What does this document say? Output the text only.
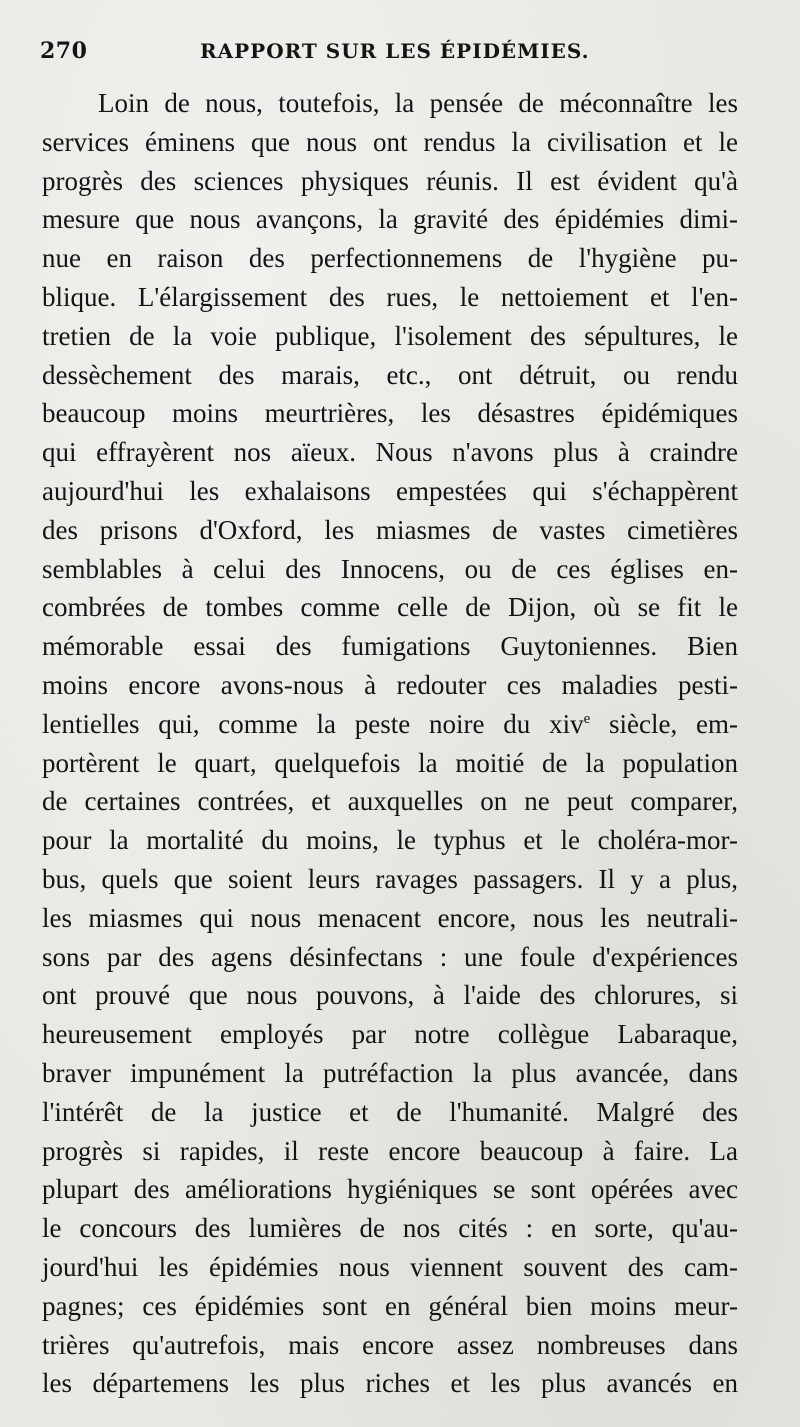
270	RAPPORT SUR LES ÉPIDÉMIES.
Loin de nous, toutefois, la pensée de méconnaître les
services éminens que nous ont rendus la civilisation et le
progrès des sciences physiques réunis. Il est évident qu'à
mesure que nous avançons, la gravité des épidémies dimi-
nue en raison des perfectionnemens de l'hygiène pu-
blique. L'élargissement des rues, le nettoiement et l'en-
tretien de la voie publique, l'isolement des sépultures, le
dessèchement des marais, etc., ont détruit, ou rendu
beaucoup moins meurtrières, les désastres épidémiques
qui effrayèrent nos aïeux. Nous n'avons plus à craindre
aujourd'hui les exhalaisons empestées qui s'échappèrent
des prisons d'Oxford, les miasmes de vastes cimetières
semblables à celui des Innocens, ou de ces églises en-
combrées de tombes comme celle de Dijon, où se fit le
mémorable essai des fumigations Guytoniennes. Bien
moins encore avons-nous à redouter ces maladies pesti-
lentielles qui, comme la peste noire du xiv$^e$ siècle, em-
portèrent le quart, quelquefois la moitié de la population
de certaines contrées, et auxquelles on ne peut comparer,
pour la mortalité du moins, le typhus et le choléra-mor-
bus, quels que soient leurs ravages passagers. Il y a plus,
les miasmes qui nous menacent encore, nous les neutrali-
sons par des agens désinfectans : une foule d'expériences
ont prouvé que nous pouvons, à l'aide des chlorures, si
heureusement employés par notre collègue Labaraque,
braver impunément la putréfaction la plus avancée, dans
l'intérêt de la justice et de l'humanité. Malgré des
progrès si rapides, il reste encore beaucoup à faire. La
plupart des améliorations hygiéniques se sont opérées avec
le concours des lumières de nos cités : en sorte, qu'au-
jourd'hui les épidémies nous viennent souvent des cam-
pagnes; ces épidémies sont en général bien moins meur-
trières qu'autrefois, mais encore assez nombreuses dans
les départemens les plus riches et les plus avancés en
